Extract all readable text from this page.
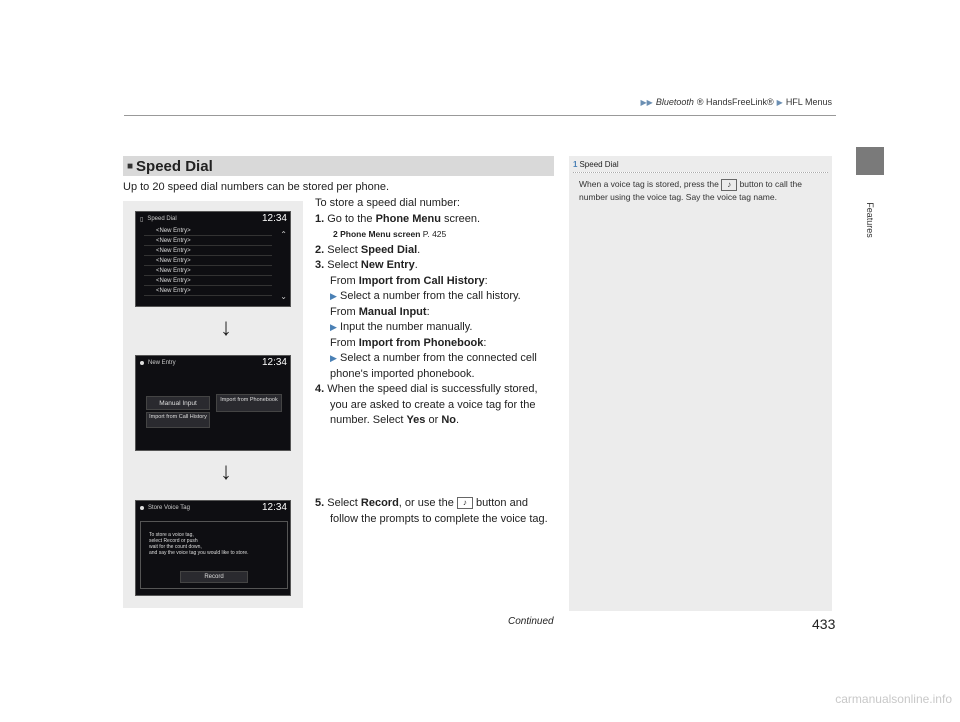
▶▶ Bluetooth ® HandsFreeLink® ▶ HFL Menus
Features
■ Speed Dial
Up to 20 speed dial numbers can be stored per phone.
▯ Speed Dial	12:34
<New Entry>
<New Entry>
<New Entry>
<New Entry>
<New Entry>
<New Entry>
<New Entry>
⌃
⌄
↓
New Entry	12:34
Manual Input	Import from Phonebook
Import from Call History
↓
Store Voice Tag	12:34
To store a voice tag,
select Record or push
wait for the count down,
and say the voice tag you would like to store.
Record
To store a speed dial number:
1. Go to the Phone Menu screen.
2 Phone Menu screen P. 425
2. Select Speed Dial.
3. Select New Entry.
From Import from Call History:
▶ Select a number from the call history.
From Manual Input:
▶ Input the number manually.
From Import from Phonebook:
▶ Select a number from the connected cell phone's imported phonebook.
4. When the speed dial is successfully stored, you are asked to create a voice tag for the number. Select Yes or No.
5. Select Record, or use the ♪ button and follow the prompts to complete the voice tag.
1 Speed Dial
When a voice tag is stored, press the ♪ button to call the number using the voice tag. Say the voice tag name.
Continued	433
carmanualsonline.info
